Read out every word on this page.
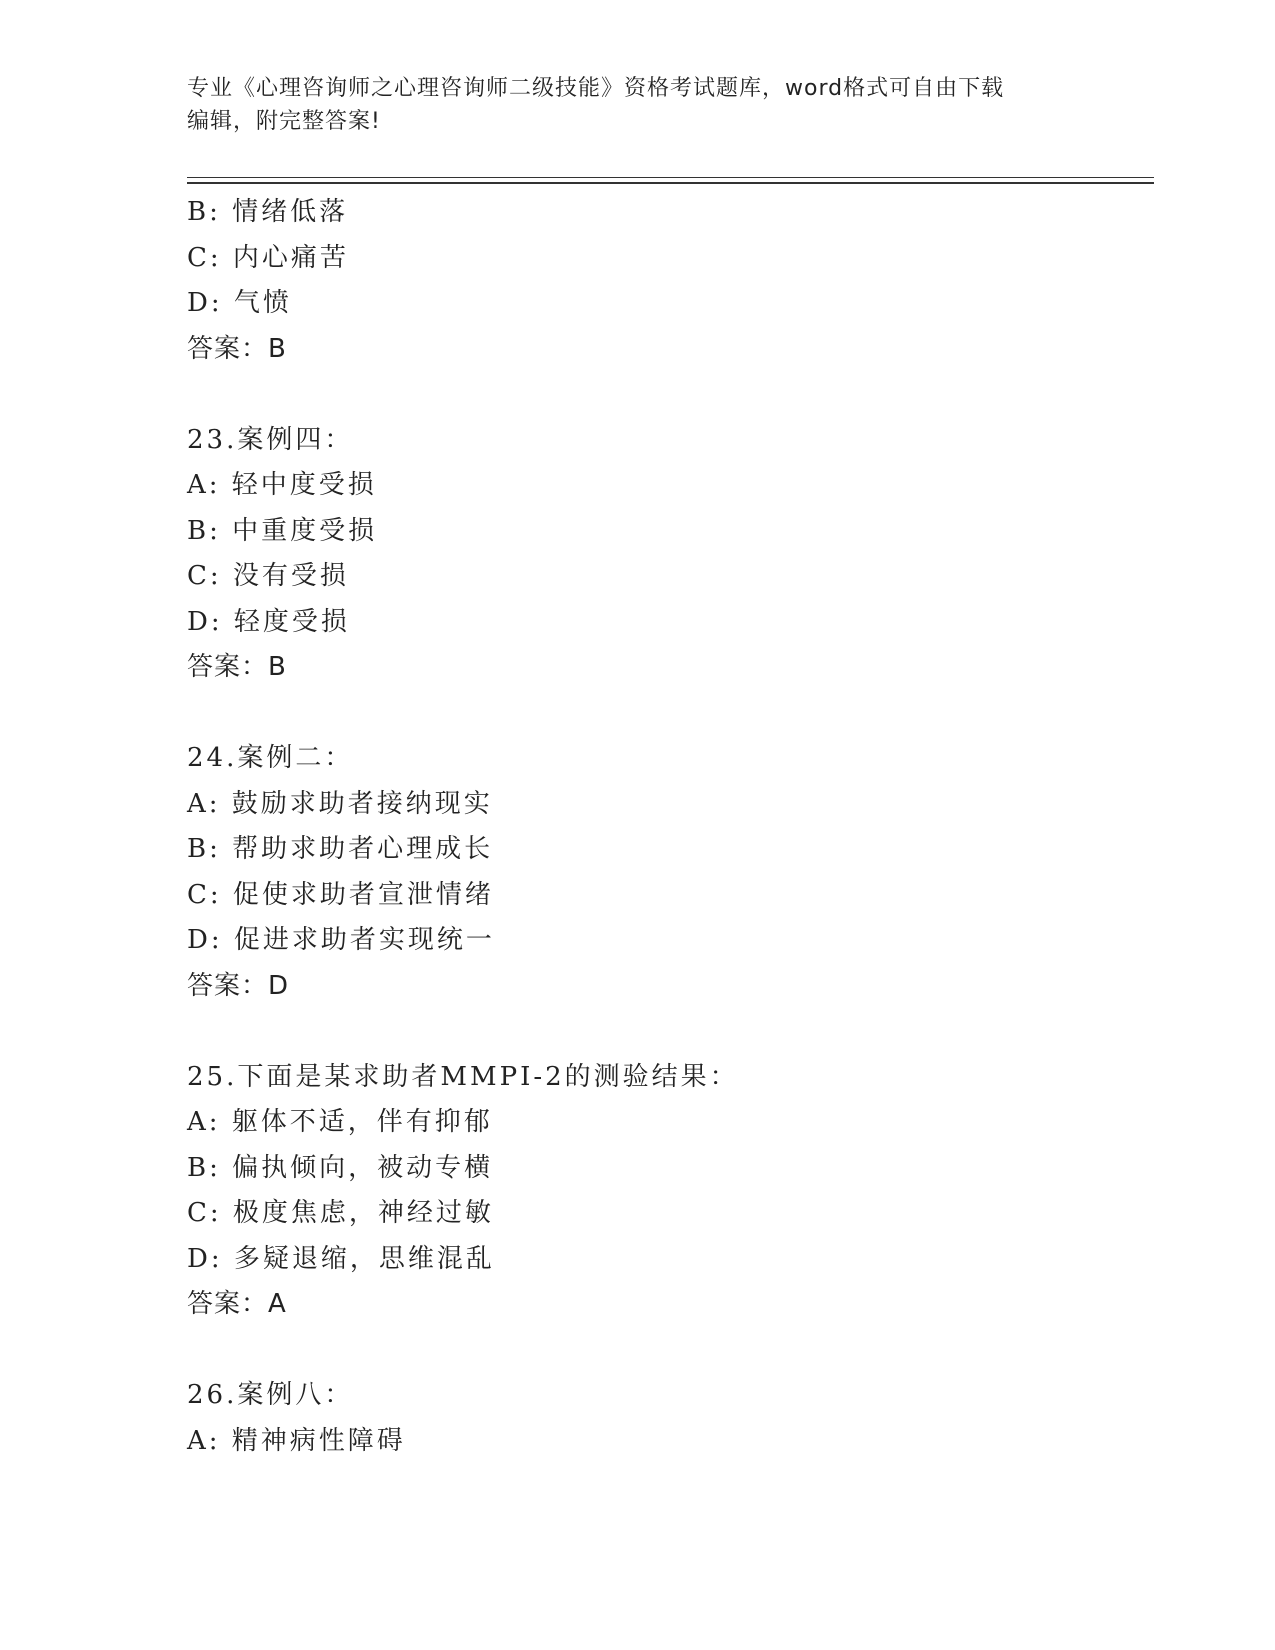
专业《心理咨询师之心理咨询师二级技能》资格考试题库，word格式可自由下载
编辑，附完整答案!
B: 情绪低落
C: 内心痛苦
D: 气愤
答案：B
23.案例四：
A: 轻中度受损
B: 中重度受损
C: 没有受损
D: 轻度受损
答案：B
24.案例二：
A: 鼓励求助者接纳现实
B: 帮助求助者心理成长
C: 促使求助者宣泄情绪
D: 促进求助者实现统一
答案：D
25.下面是某求助者MMPI-2的测验结果：
A: 躯体不适，伴有抑郁
B: 偏执倾向，被动专横
C: 极度焦虑，神经过敏
D: 多疑退缩，思维混乱
答案：A
26.案例八：
A: 精神病性障碍
